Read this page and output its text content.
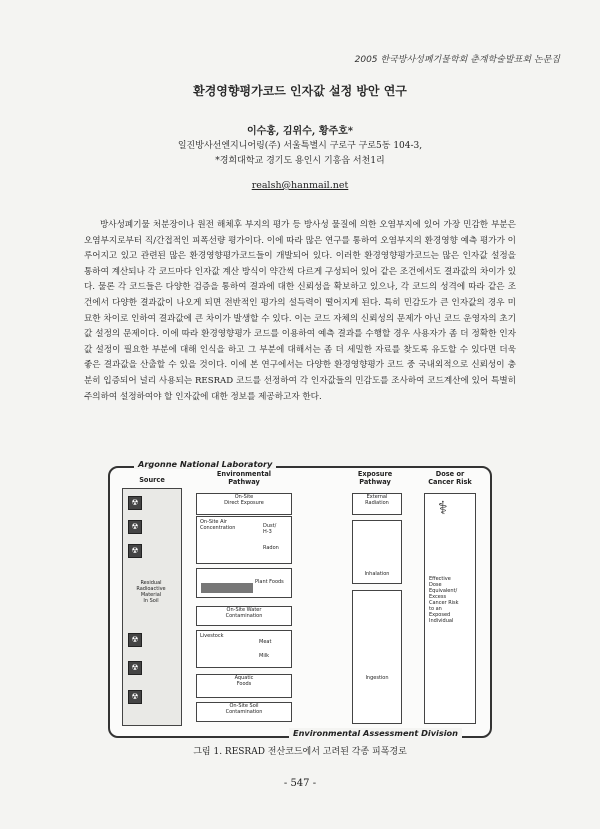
2005 한국방사성폐기물학회 춘계학술발표회 논문집
환경영향평가코드 인자값 설정 방안 연구
이수홍, 김위수, 황주호*
일진방사선엔지니어링(주) 서울특별시 구로구 구로5동 104-3,
*경희대학교 경기도 용인시 기흥읍 서천1리
realsh@hanmail.net

방사성폐기물 처분장이나 원전 해체후 부지의 평가 등 방사성 물질에 의한 오염부지에 있어 가장 민감한 부분은 오염부지로부터 직/간접적인 피폭선량 평가이다. 이에 따라 많은 연구를 통하여 오염부지의 환경영향 예측 평가가 이루어지고 있고 관련된 많은 환경영향평가코드들이 개발되어 있다. 이러한 환경영향평가코드는 많은 인자값 설정을 통하여 계산되나 각 코드마다 인자값 계산 방식이 약간씩 다르게 구성되어 있어 같은 조건에서도 결과값의 차이가 있다. 물론 각 코드들은 다양한 검증을 통하여 결과에 대한 신뢰성을 확보하고 있으나, 각 코드의 성격에 따라 같은 조건에서 다양한 결과값이 나오게 되면 전반적인 평가의 설득력이 떨어지게 된다. 특히 민감도가 큰 인자값의 경우 미묘한 차이로 인하여 결과값에 큰 차이가 발생할 수 있다. 이는 코드 자체의 신뢰성의 문제가 아닌 코드 운영자의 초기값 설정의 문제이다. 이에 따라 환경영향평가 코드를 이용하여 예측 결과를 수행할 경우 사용자가 좀 더 정확한 인자값 설정이 필요한 부분에 대해 인식을 하고 그 부분에 대해서는 좀 더 세밀한 자료를 찾도록 유도할 수 있다면 더욱 좋은 결과값을 산출할 수 있을 것이다. 이에 본 연구에서는 다양한 환경영향평가 코드 중 국내외적으로 신뢰성이 충분히 입증되어 널리 사용되는 RESRAD 코드를 선정하여 각 인자값들의 민감도를 조사하여 코드계산에 있어 특별히 주의하여 설정하여야 할 인자값에 대한 정보를 제공하고자 한다.

Argonne National Laboratory
Environmental Assessment Division
Source
Environmental
Pathway
Exposure
Pathway
Dose or
Cancer Risk
☢
☢
☢
☢
☢
☢
Residual
Radioactive
Material
In Soil
On-Site
Direct Exposure
On-Site Air
Concentration	Dust/
H-3
Radon
Plant Foods
On-Site Water
Contamination
Livestock
Meat
Milk
Aquatic
Foods
On-Site Soil
Contamination
External
Radiation
Inhalation
Ingestion
⚕
Effective
Dose
Equivalent/
Excess
Cancer Risk
to an
Exposed
Individual
그림 1. RESRAD 전산코드에서 고려된 각종 피폭경로
- 547 -
